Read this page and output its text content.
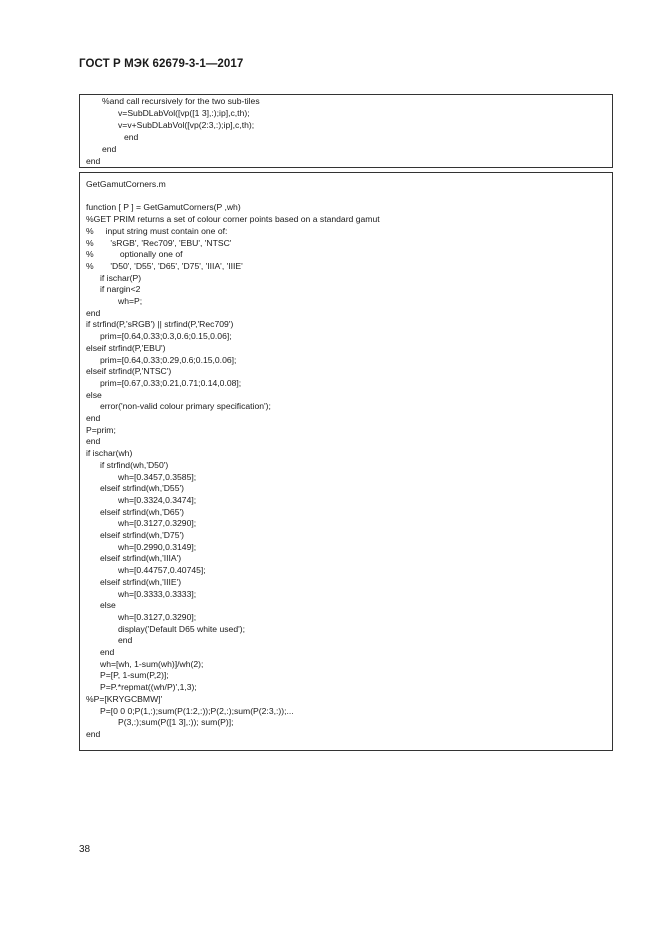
ГОСТ Р МЭК 62679-3-1—2017
%and call recursively for the two sub-tiles
v=SubDLabVol([vp([1 3],:);ip],c,th);
v=v+SubDLabVol([vp(2:3,:);ip],c,th);
end
end
end
GetGamutCorners.m
function [ P ] = GetGamutCorners(P ,wh)
%GET PRIM returns a set of colour corner points based on a standard gamut
%     input string must contain one of:
%       'sRGB', 'Rec709', 'EBU', 'NTSC'
%           optionally one of
%       'D50', 'D55', 'D65', 'D75', 'IIIA', 'IIIE'
if ischar(P)
if nargin<2
wh=P;
end
if strfind(P,'sRGB') || strfind(P,'Rec709')
prim=[0.64,0.33;0.3,0.6;0.15,0.06];
elseif strfind(P,'EBU')
prim=[0.64,0.33;0.29,0.6;0.15,0.06];
elseif strfind(P,'NTSC')
prim=[0.67,0.33;0.21,0.71;0.14,0.08];
else
error('non-valid colour primary specification');
end
P=prim;
end
if ischar(wh)
if strfind(wh,'D50')
wh=[0.3457,0.3585];
elseif strfind(wh,'D55')
wh=[0.3324,0.3474];
elseif strfind(wh,'D65')
wh=[0.3127,0.3290];
elseif strfind(wh,'D75')
wh=[0.2990,0.3149];
elseif strfind(wh,'IIIA')
wh=[0.44757,0.40745];
elseif strfind(wh,'IIIE')
wh=[0.3333,0.3333];
else
wh=[0.3127,0.3290];
display('Default D65 white used');
end
end
wh=[wh, 1-sum(wh)]/wh(2);
P=[P, 1-sum(P,2)];
P=P.*repmat((wh/P)',1,3);
%P=[KRYGCBMW]'
P=[0 0 0;P(1,:);sum(P(1:2,:));P(2,:);sum(P(2:3,:));...
P(3,:);sum(P([1 3],:)); sum(P)];
end
38
